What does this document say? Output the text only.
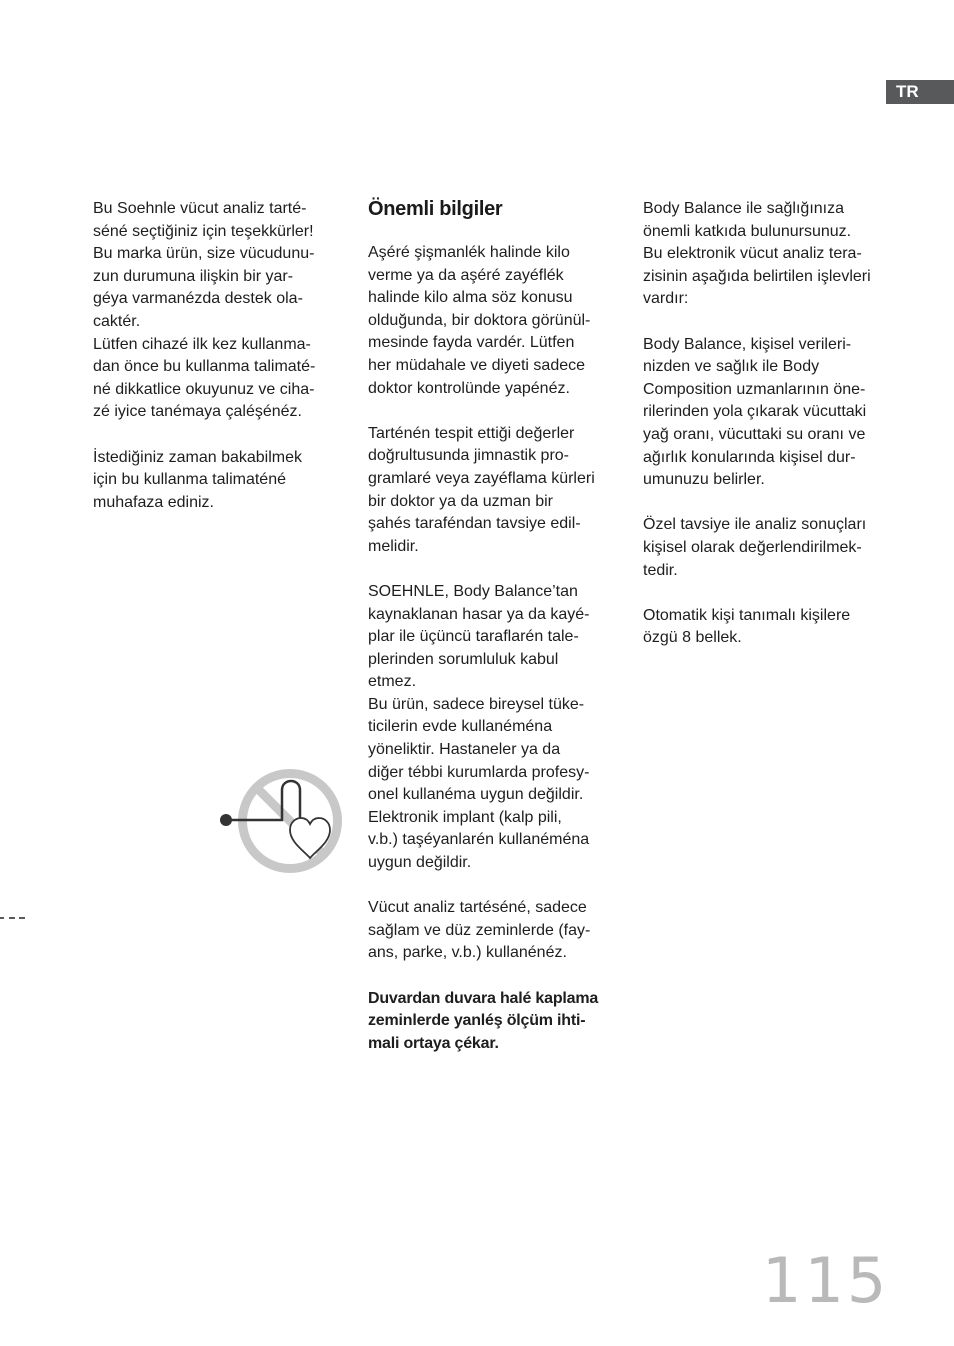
TR
Bu Soehnle vücut analiz tarté-
séné seçtiğiniz için teşekkürler!
Bu marka ürün, size vücudunu-
zun durumuna ilişkin bir yar-
géya varmanézda destek ola-
caktér.
Lütfen cihazé ilk kez kullanma-
dan önce bu kullanma talimaté-
né dikkatlice okuyunuz ve ciha-
zé iyice tanémaya çaléşénéz.
İstediğiniz zaman bakabilmek
için bu kullanma talimaténé
muhafaza ediniz.
Önemli bilgiler
Aşéré şişmanlék halinde kilo
verme ya da aşéré zayéflék
halinde kilo alma söz konusu
olduğunda, bir doktora görünül-
mesinde fayda vardér. Lütfen
her müdahale ve diyeti sadece
doktor kontrolünde yapénéz.
Tarténén tespit ettiği değerler
doğrultusunda jimnastik pro-
gramlaré veya zayéflama kürleri
bir doktor ya da uzman bir
şahés taraféndan tavsiye edil-
melidir.
SOEHNLE, Body Balance’tan
kaynaklanan hasar ya da kayé-
plar ile üçüncü taraflarén tale-
plerinden sorumluluk kabul
etmez.
Bu ürün, sadece bireysel tüke-
ticilerin evde kullanéména
yöneliktir. Hastaneler ya da
diğer tébbi kurumlarda profesy-
onel kullanéma uygun değildir.
Elektronik implant (kalp pili,
v.b.) taşéyanlarén kullanéména
uygun değildir.
Vücut analiz tartéséné, sadece
sağlam ve düz zeminlerde (fay-
ans, parke, v.b.) kullanénéz.
Duvardan duvara halé kaplama
zeminlerde yanléş ölçüm ihti-
mali ortaya çékar.
Body Balance ile sağlığınıza
önemli katkıda bulunursunuz.
Bu elektronik vücut analiz tera-
zisinin aşağıda belirtilen işlevleri
vardır:
Body Balance, kişisel verileri-
nizden ve sağlık ile Body
Composition uzmanlarının öne-
rilerinden yola çıkarak vücuttaki
yağ oranı, vücuttaki su oranı ve
ağırlık konularında kişisel dur-
umunuzu belirler.
Özel tavsiye ile analiz sonuçları
kişisel olarak değerlendirilmek-
tedir.
Otomatik kişi tanımalı kişilere
özgü 8 bellek.
115
